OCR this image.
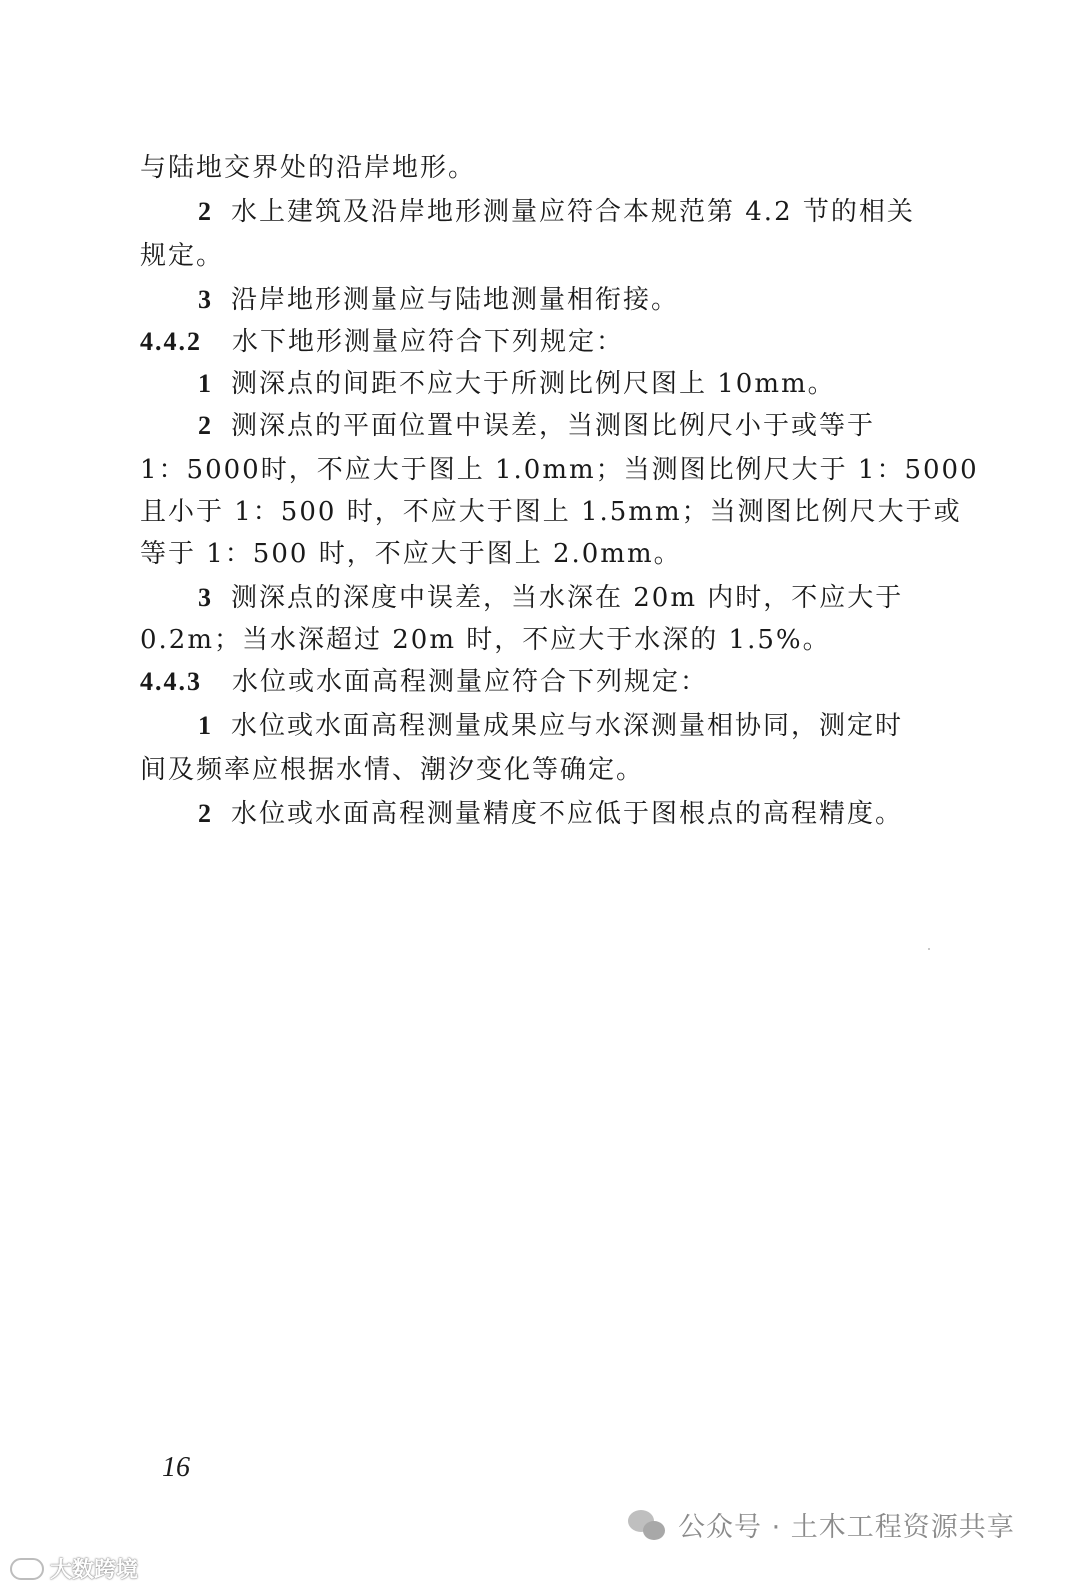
与陆地交界处的沿岸地形。
2 水上建筑及沿岸地形测量应符合本规范第 4.2 节的相关
规定。
3 沿岸地形测量应与陆地测量相衔接。
4.4.2 水下地形测量应符合下列规定：
1 测深点的间距不应大于所测比例尺图上 10mm。
2 测深点的平面位置中误差，当测图比例尺小于或等于
1：5000时，不应大于图上 1.0mm；当测图比例尺大于 1：5000
且小于 1：500 时，不应大于图上 1.5mm；当测图比例尺大于或
等于 1：500 时，不应大于图上 2.0mm。
3 测深点的深度中误差，当水深在 20m 内时，不应大于
0.2m；当水深超过 20m 时，不应大于水深的 1.5%。
4.4.3 水位或水面高程测量应符合下列规定：
1 水位或水面高程测量成果应与水深测量相协同，测定时
间及频率应根据水情、潮汐变化等确定。
2 水位或水面高程测量精度不应低于图根点的高程精度。
16
公众号 · 土木工程资源共享
大数跨境
